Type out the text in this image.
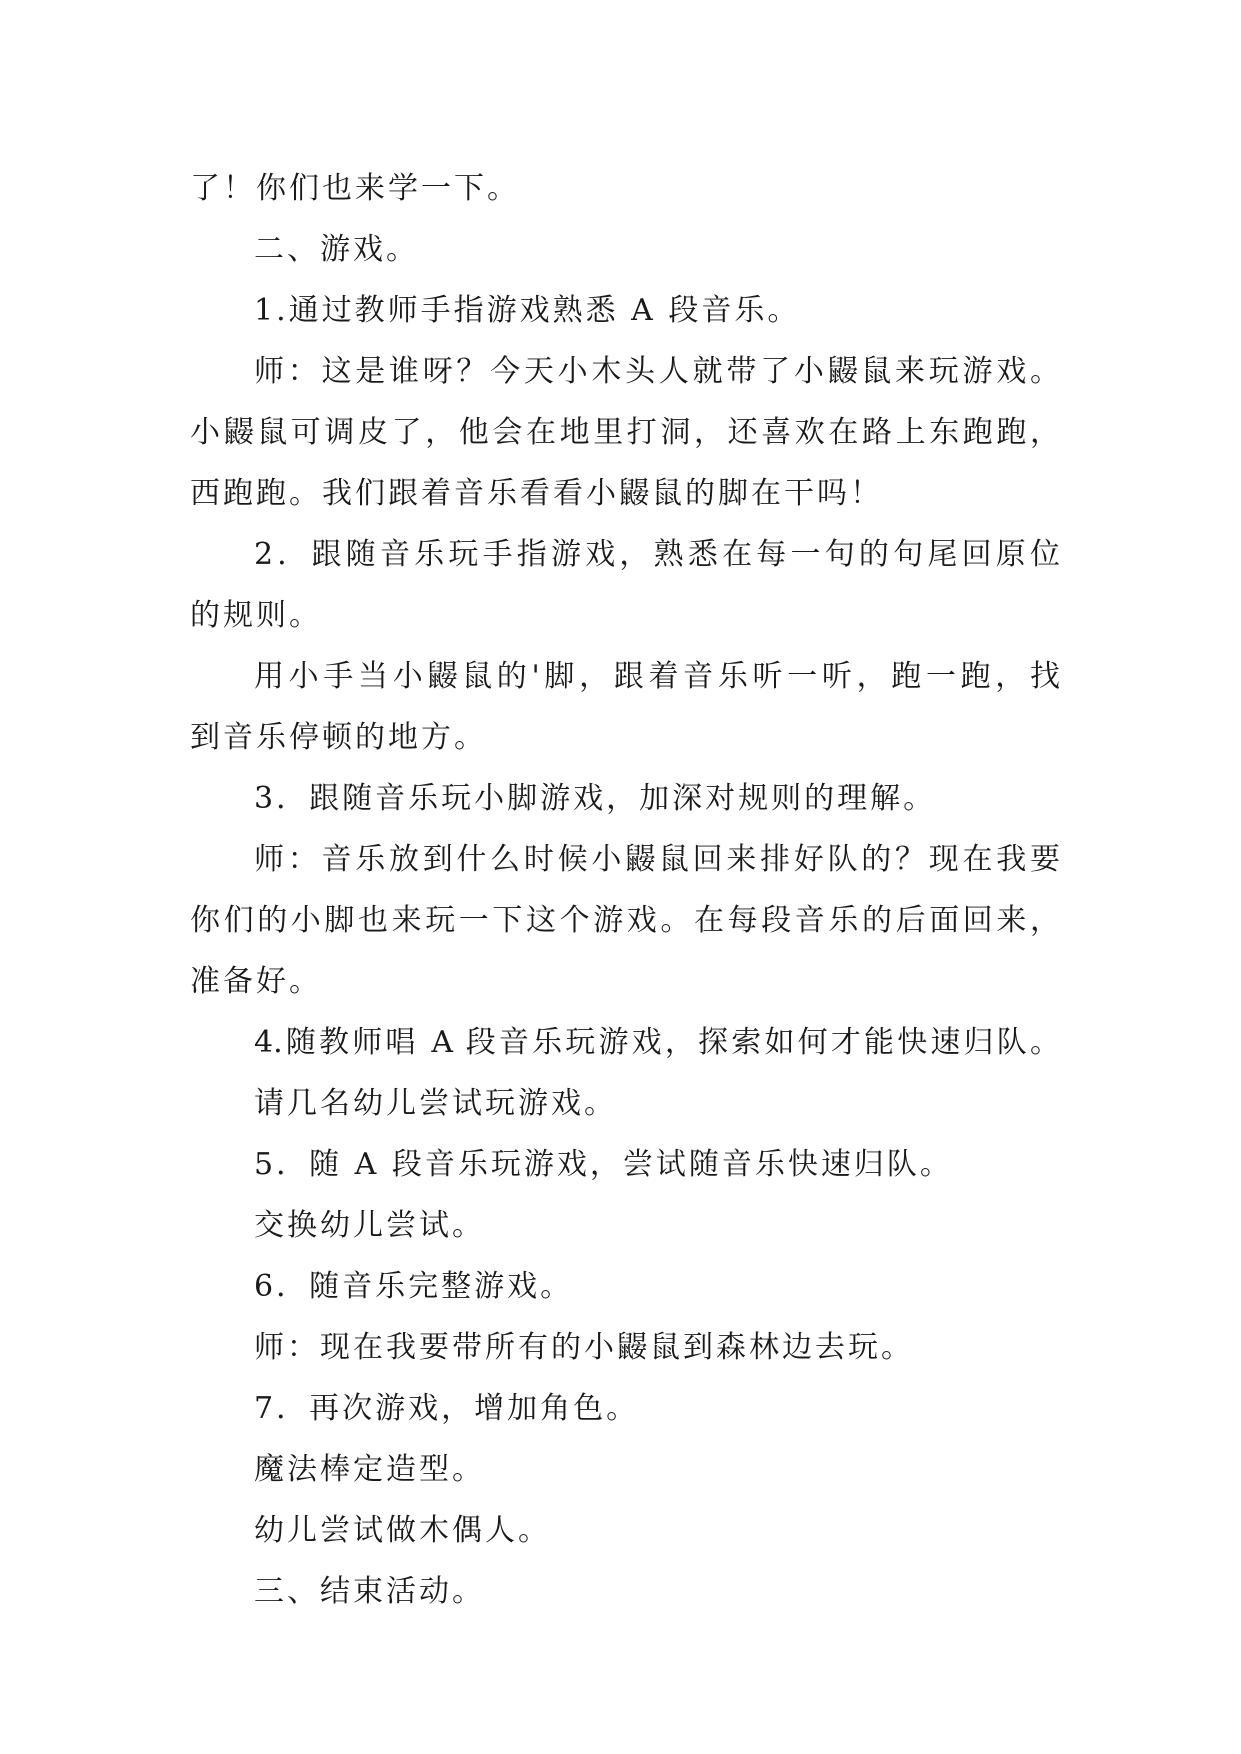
了！你们也来学一下。
二、游戏。
1.通过教师手指游戏熟悉 A 段音乐。
师：这是谁呀？今天小木头人就带了小鼹鼠来玩游戏。
小鼹鼠可调皮了，他会在地里打洞，还喜欢在路上东跑跑，
西跑跑。我们跟着音乐看看小鼹鼠的脚在干吗！
2．跟随音乐玩手指游戏，熟悉在每一句的句尾回原位
的规则。
用小手当小鼹鼠的'脚，跟着音乐听一听，跑一跑，找
到音乐停顿的地方。
3．跟随音乐玩小脚游戏，加深对规则的理解。
师：音乐放到什么时候小鼹鼠回来排好队的？现在我要
你们的小脚也来玩一下这个游戏。在每段音乐的后面回来，
准备好。
4.随教师唱 A 段音乐玩游戏，探索如何才能快速归队。
请几名幼儿尝试玩游戏。
5．随 A 段音乐玩游戏，尝试随音乐快速归队。
交换幼儿尝试。
6．随音乐完整游戏。
师：现在我要带所有的小鼹鼠到森林边去玩。
7．再次游戏，增加角色。
魔法棒定造型。
幼儿尝试做木偶人。
三、结束活动。
